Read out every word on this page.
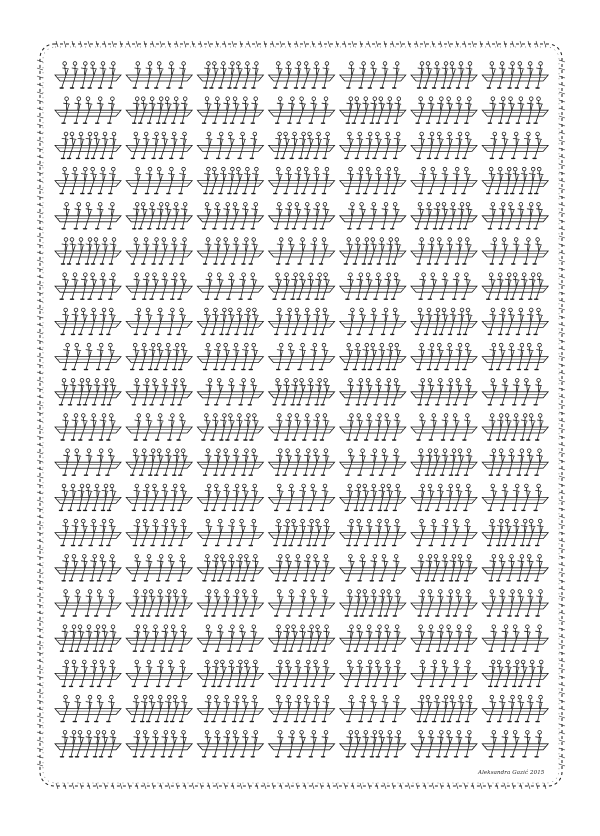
Aleksandra Gazić 2015
